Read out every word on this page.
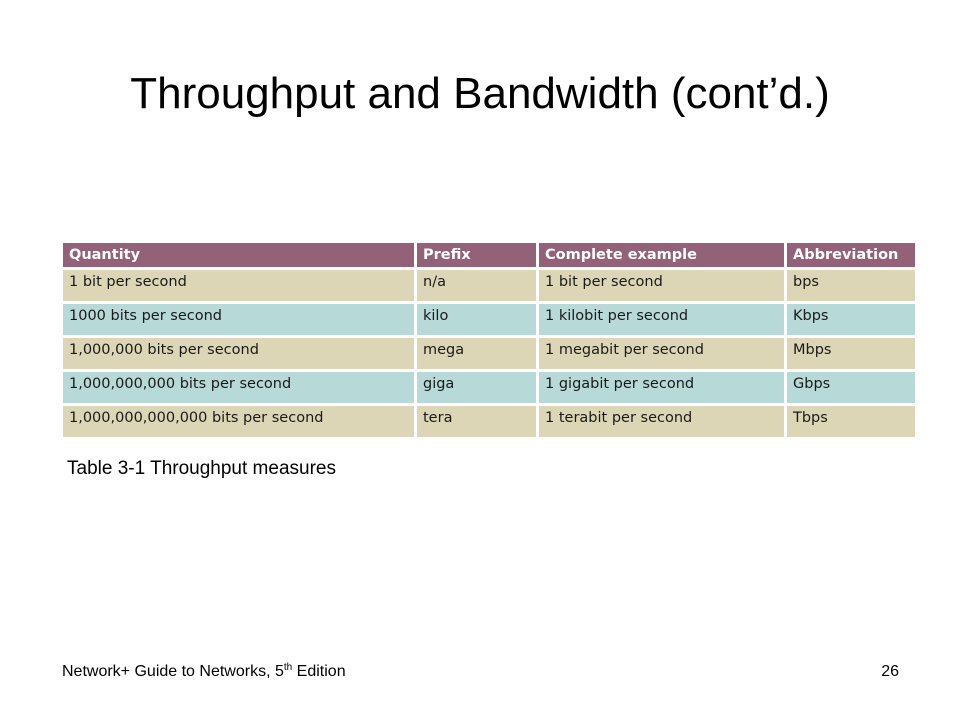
Throughput and Bandwidth (cont’d.)
Quantity	Prefix	Complete example	Abbreviation
1 bit per second	n/a	1 bit per second	bps
1000 bits per second	kilo	1 kilobit per second	Kbps
1,000,000 bits per second	mega	1 megabit per second	Mbps
1,000,000,000 bits per second	giga	1 gigabit per second	Gbps
1,000,000,000,000 bits per second	tera	1 terabit per second	Tbps
Table 3-1 Throughput measures
Network+ Guide to Networks, 5th Edition	26
